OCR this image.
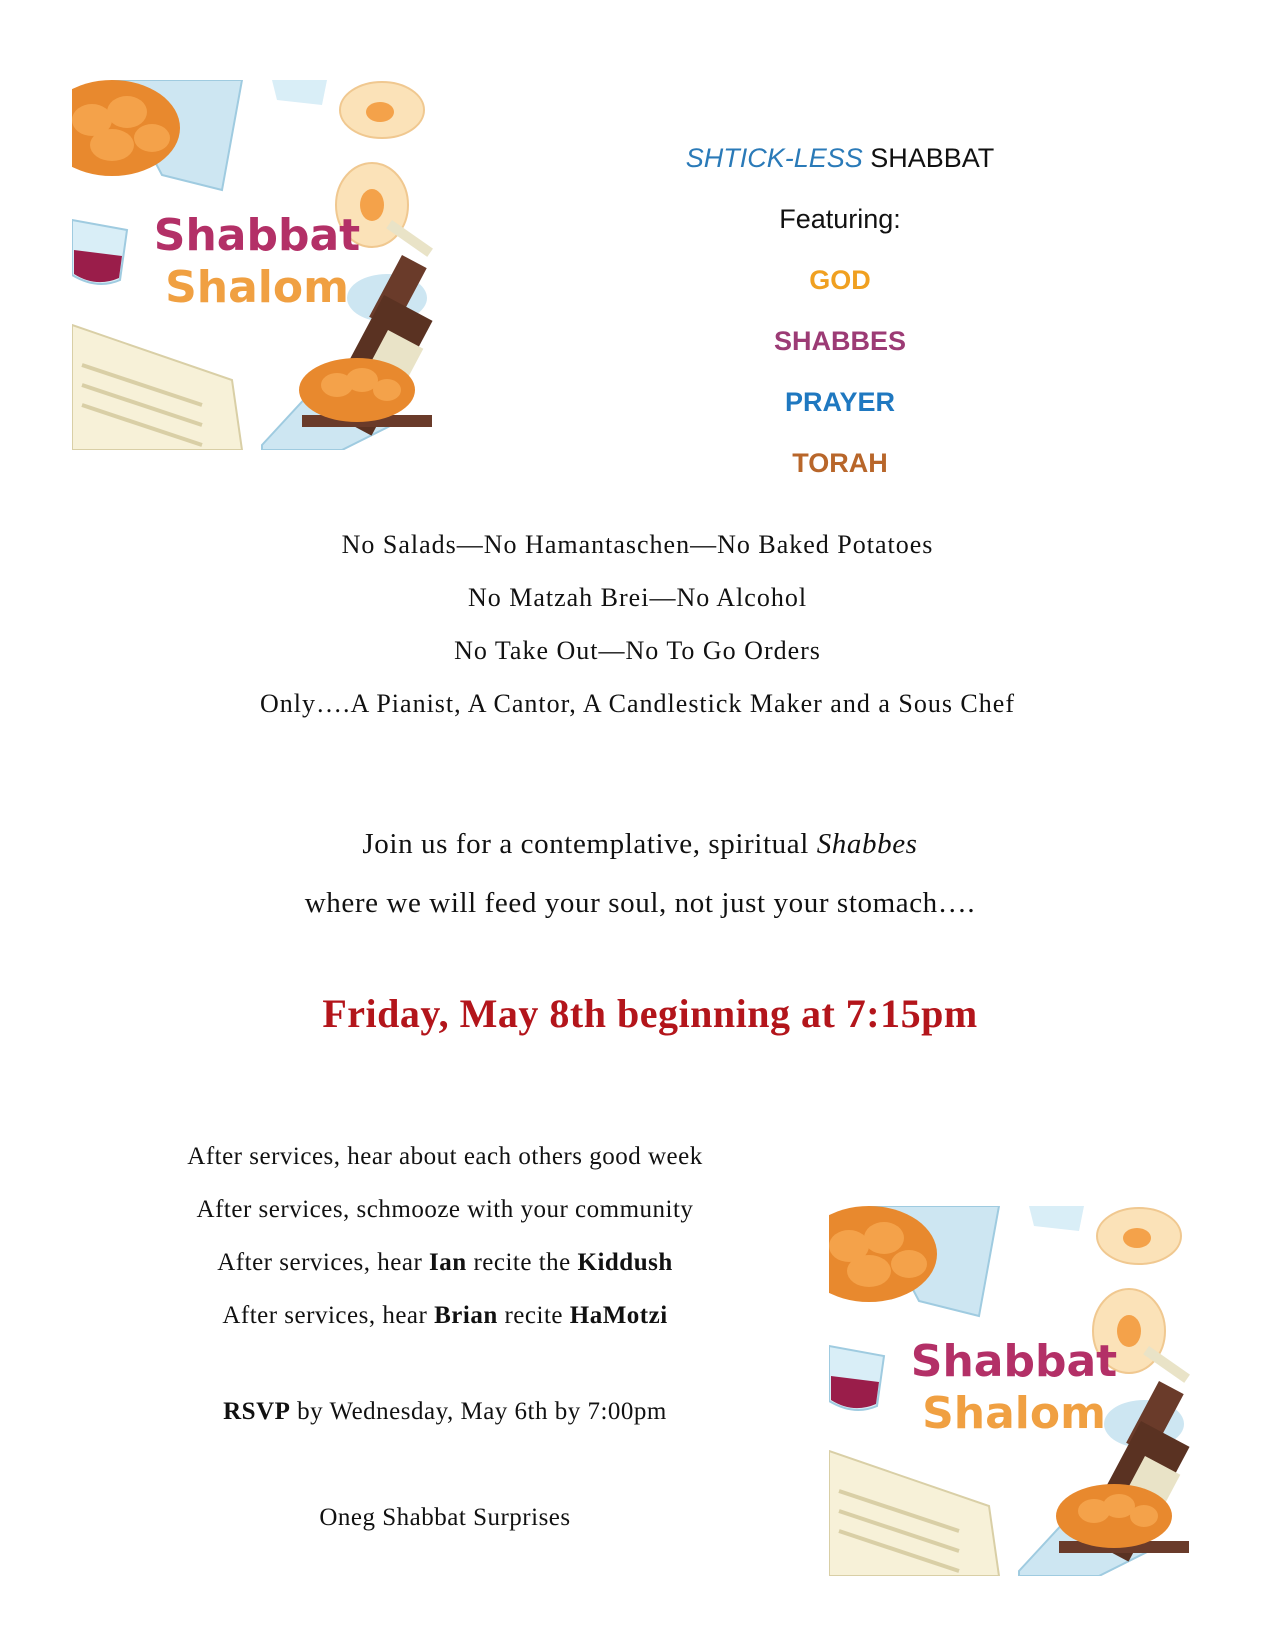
Shabbat
Shalom
SHTICK-LESS SHABBAT
Featuring:
GOD
SHABBES
PRAYER
TORAH
No Salads—No Hamantaschen—No Baked Potatoes
No Matzah Brei—No Alcohol
No Take Out—No To Go Orders
Only….A Pianist, A Cantor, A Candlestick Maker and a Sous Chef
Join us for a contemplative, spiritual Shabbes
where we will feed your soul, not just your stomach….
Friday, May 8th beginning at 7:15pm
After services, hear about each others good week
After services, schmooze with your community
After services, hear Ian recite the Kiddush
After services, hear Brian recite HaMotzi
RSVP by Wednesday, May 6th by 7:00pm
Oneg Shabbat Surprises
Shabbat
Shalom
